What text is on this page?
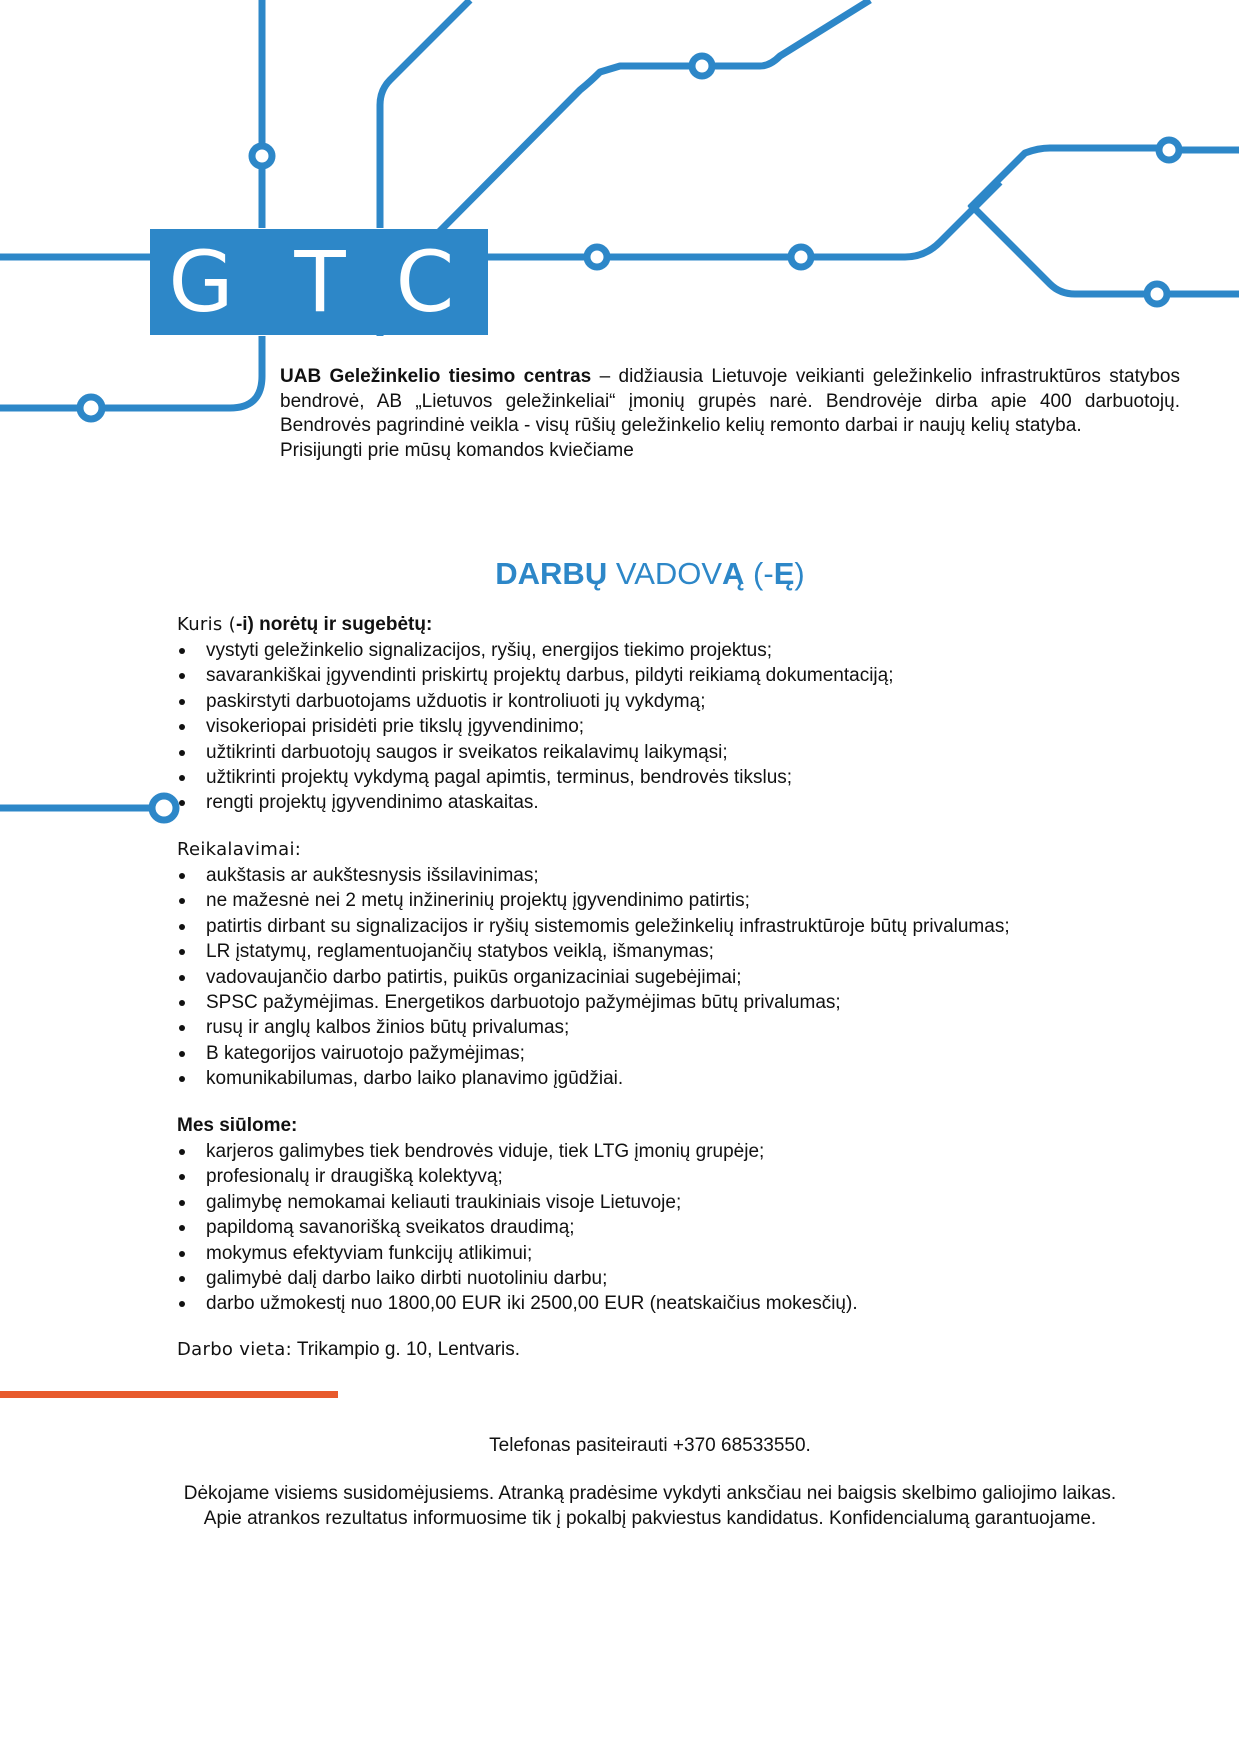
G T C

UAB Geležinkelio tiesimo centras – didžiausia Lietuvoje veikianti geležinkelio infrastruktūros statybos bendrovė, AB „Lietuvos geležinkeliai“ įmonių grupės narė. Bendrovėje dirba apie 400 darbuotojų. Bendrovės pagrindinė veikla - visų rūšių geležinkelio kelių remonto darbai ir naujų kelių statyba.

Prisijungti prie mūsų komandos kviečiame

DARBŲ VADOVĄ (-Ę)

Kuris (-i) norėtų ir sugebėtų:

vystyti geležinkelio signalizacijos, ryšių, energijos tiekimo projektus;
savarankiškai įgyvendinti priskirtų projektų darbus, pildyti reikiamą dokumentaciją;
paskirstyti darbuotojams užduotis ir kontroliuoti jų vykdymą;
visokeriopai prisidėti prie tikslų įgyvendinimo;
užtikrinti darbuotojų saugos ir sveikatos reikalavimų laikymąsi;
užtikrinti projektų vykdymą pagal apimtis, terminus, bendrovės tikslus;
rengti projektų įgyvendinimo ataskaitas.

Reikalavimai:

aukštasis ar aukštesnysis išsilavinimas;
ne mažesnė nei 2 metų inžinerinių projektų įgyvendinimo patirtis;
patirtis dirbant su signalizacijos ir ryšių sistemomis geležinkelių infrastruktūroje būtų privalumas;
LR įstatymų, reglamentuojančių statybos veiklą, išmanymas;
vadovaujančio darbo patirtis, puikūs organizaciniai sugebėjimai;
SPSC pažymėjimas. Energetikos darbuotojo pažymėjimas būtų privalumas;
rusų ir anglų kalbos žinios būtų privalumas;
B kategorijos vairuotojo pažymėjimas;
komunikabilumas, darbo laiko planavimo įgūdžiai.

Mes siūlome:

karjeros galimybes tiek bendrovės viduje, tiek LTG įmonių grupėje;
profesionalų ir draugišką kolektyvą;
galimybę nemokamai keliauti traukiniais visoje Lietuvoje;
papildomą savanorišką sveikatos draudimą;
mokymus efektyviam funkcijų atlikimui;
galimybė dalį darbo laiko dirbti nuotoliniu darbu;
darbo užmokestį nuo 1800,00 EUR iki 2500,00 EUR (neatskaičius mokesčių).
Darbo vieta: Trikampio g. 10, Lentvaris.
Telefonas pasiteirauti +370 68533550.

Dėkojame visiems susidomėjusiems. Atranką pradėsime vykdyti anksčiau nei baigsis skelbimo galiojimo laikas.

Apie atrankos rezultatus informuosime tik į pokalbį pakviestus kandidatus. Konfidencialumą garantuojame.
